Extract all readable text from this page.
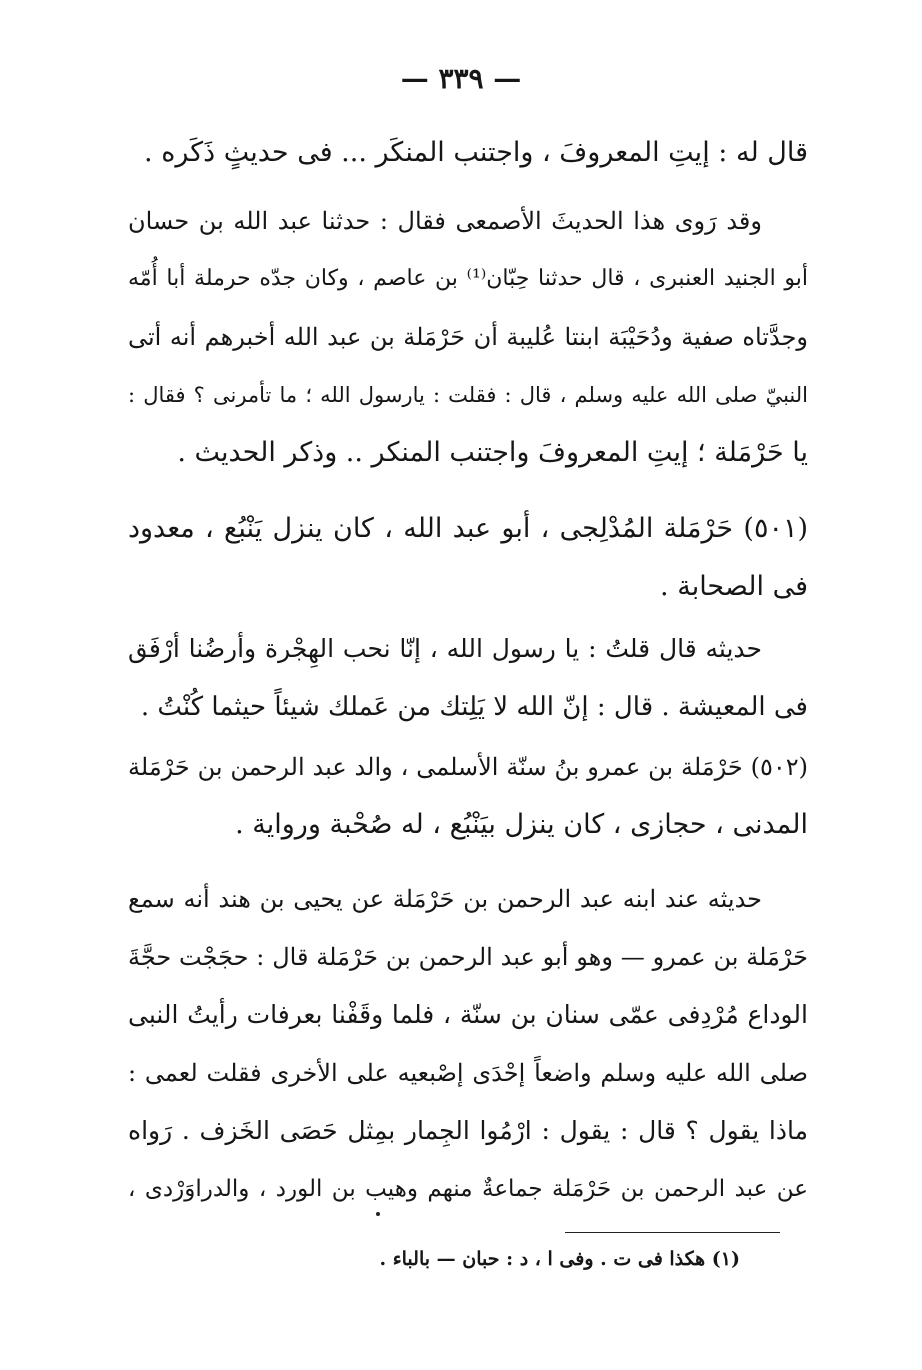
— ٣٣٩ —
قال له : إيتِ المعروفَ ، واجتنب المنكَر ... فى حديثٍ ذَكَره .
وقد رَوى هذا الحديثَ الأصمعى فقال : حدثنا عبد الله بن حسان
أبو الجنيد العنبرى ، قال حدثنا حِبّان⁽¹⁾ بن عاصم ، وكان جدّه حرملة أبا أُمّه
وجدَّتاه صفية ودُحَيْبَة ابنتا عُليبة أن حَرْمَلة بن عبد الله أخبرهم أنه أتى
النبيّ صلى الله عليه وسلم ، قال : فقلت : يارسول الله ؛ ما تأمرنى ؟ فقال :
يا حَرْمَلة ؛ إيتِ المعروفَ واجتنب المنكر .. وذكر الحديث .
(٥٠١) حَرْمَلة المُدْلِجى ، أبو عبد الله ، كان ينزل يَنْبُع ، معدود
فى الصحابة .
حديثه قال قلتُ : يا رسول الله ، إنّا نحب الهِجْرة وأرضُنا أرْفَق
فى المعيشة . قال : إنّ الله لا يَلِتك من عَملك شيئاً حيثما كُنْتُ .
(٥٠٢) حَرْمَلة بن عمرو بنُ سنّة الأسلمى ، والد عبد الرحمن بن حَرْمَلة
المدنى ، حجازى ، كان ينزل بيَنْبُع ، له صُحْبة ورواية .
حديثه عند ابنه عبد الرحمن بن حَرْمَلة عن يحيى بن هند أنه سمع
حَرْمَلة بن عمرو — وهو أبو عبد الرحمن بن حَرْمَلة قال : حجَجْت حجَّةَ
الوداع مُرْدِفى عمّى سنان بن سنّة ، فلما وقَفْنا بعرفات رأيتُ النبى
صلى الله عليه وسلم واضعاً إحْدَى إصْبعيه على الأخرى فقلت لعمى :
ماذا يقول ؟ قال : يقول : ارْمُوا الجِمار بمِثل حَصَى الخَزف . رَواه
عن عبد الرحمن بن حَرْمَلة جماعةٌ منهم وهيب بن الورد ، والدراوَرْدى ،
(١) هكذا فى ت . وفى ا ، د : حبان — بالباء .
